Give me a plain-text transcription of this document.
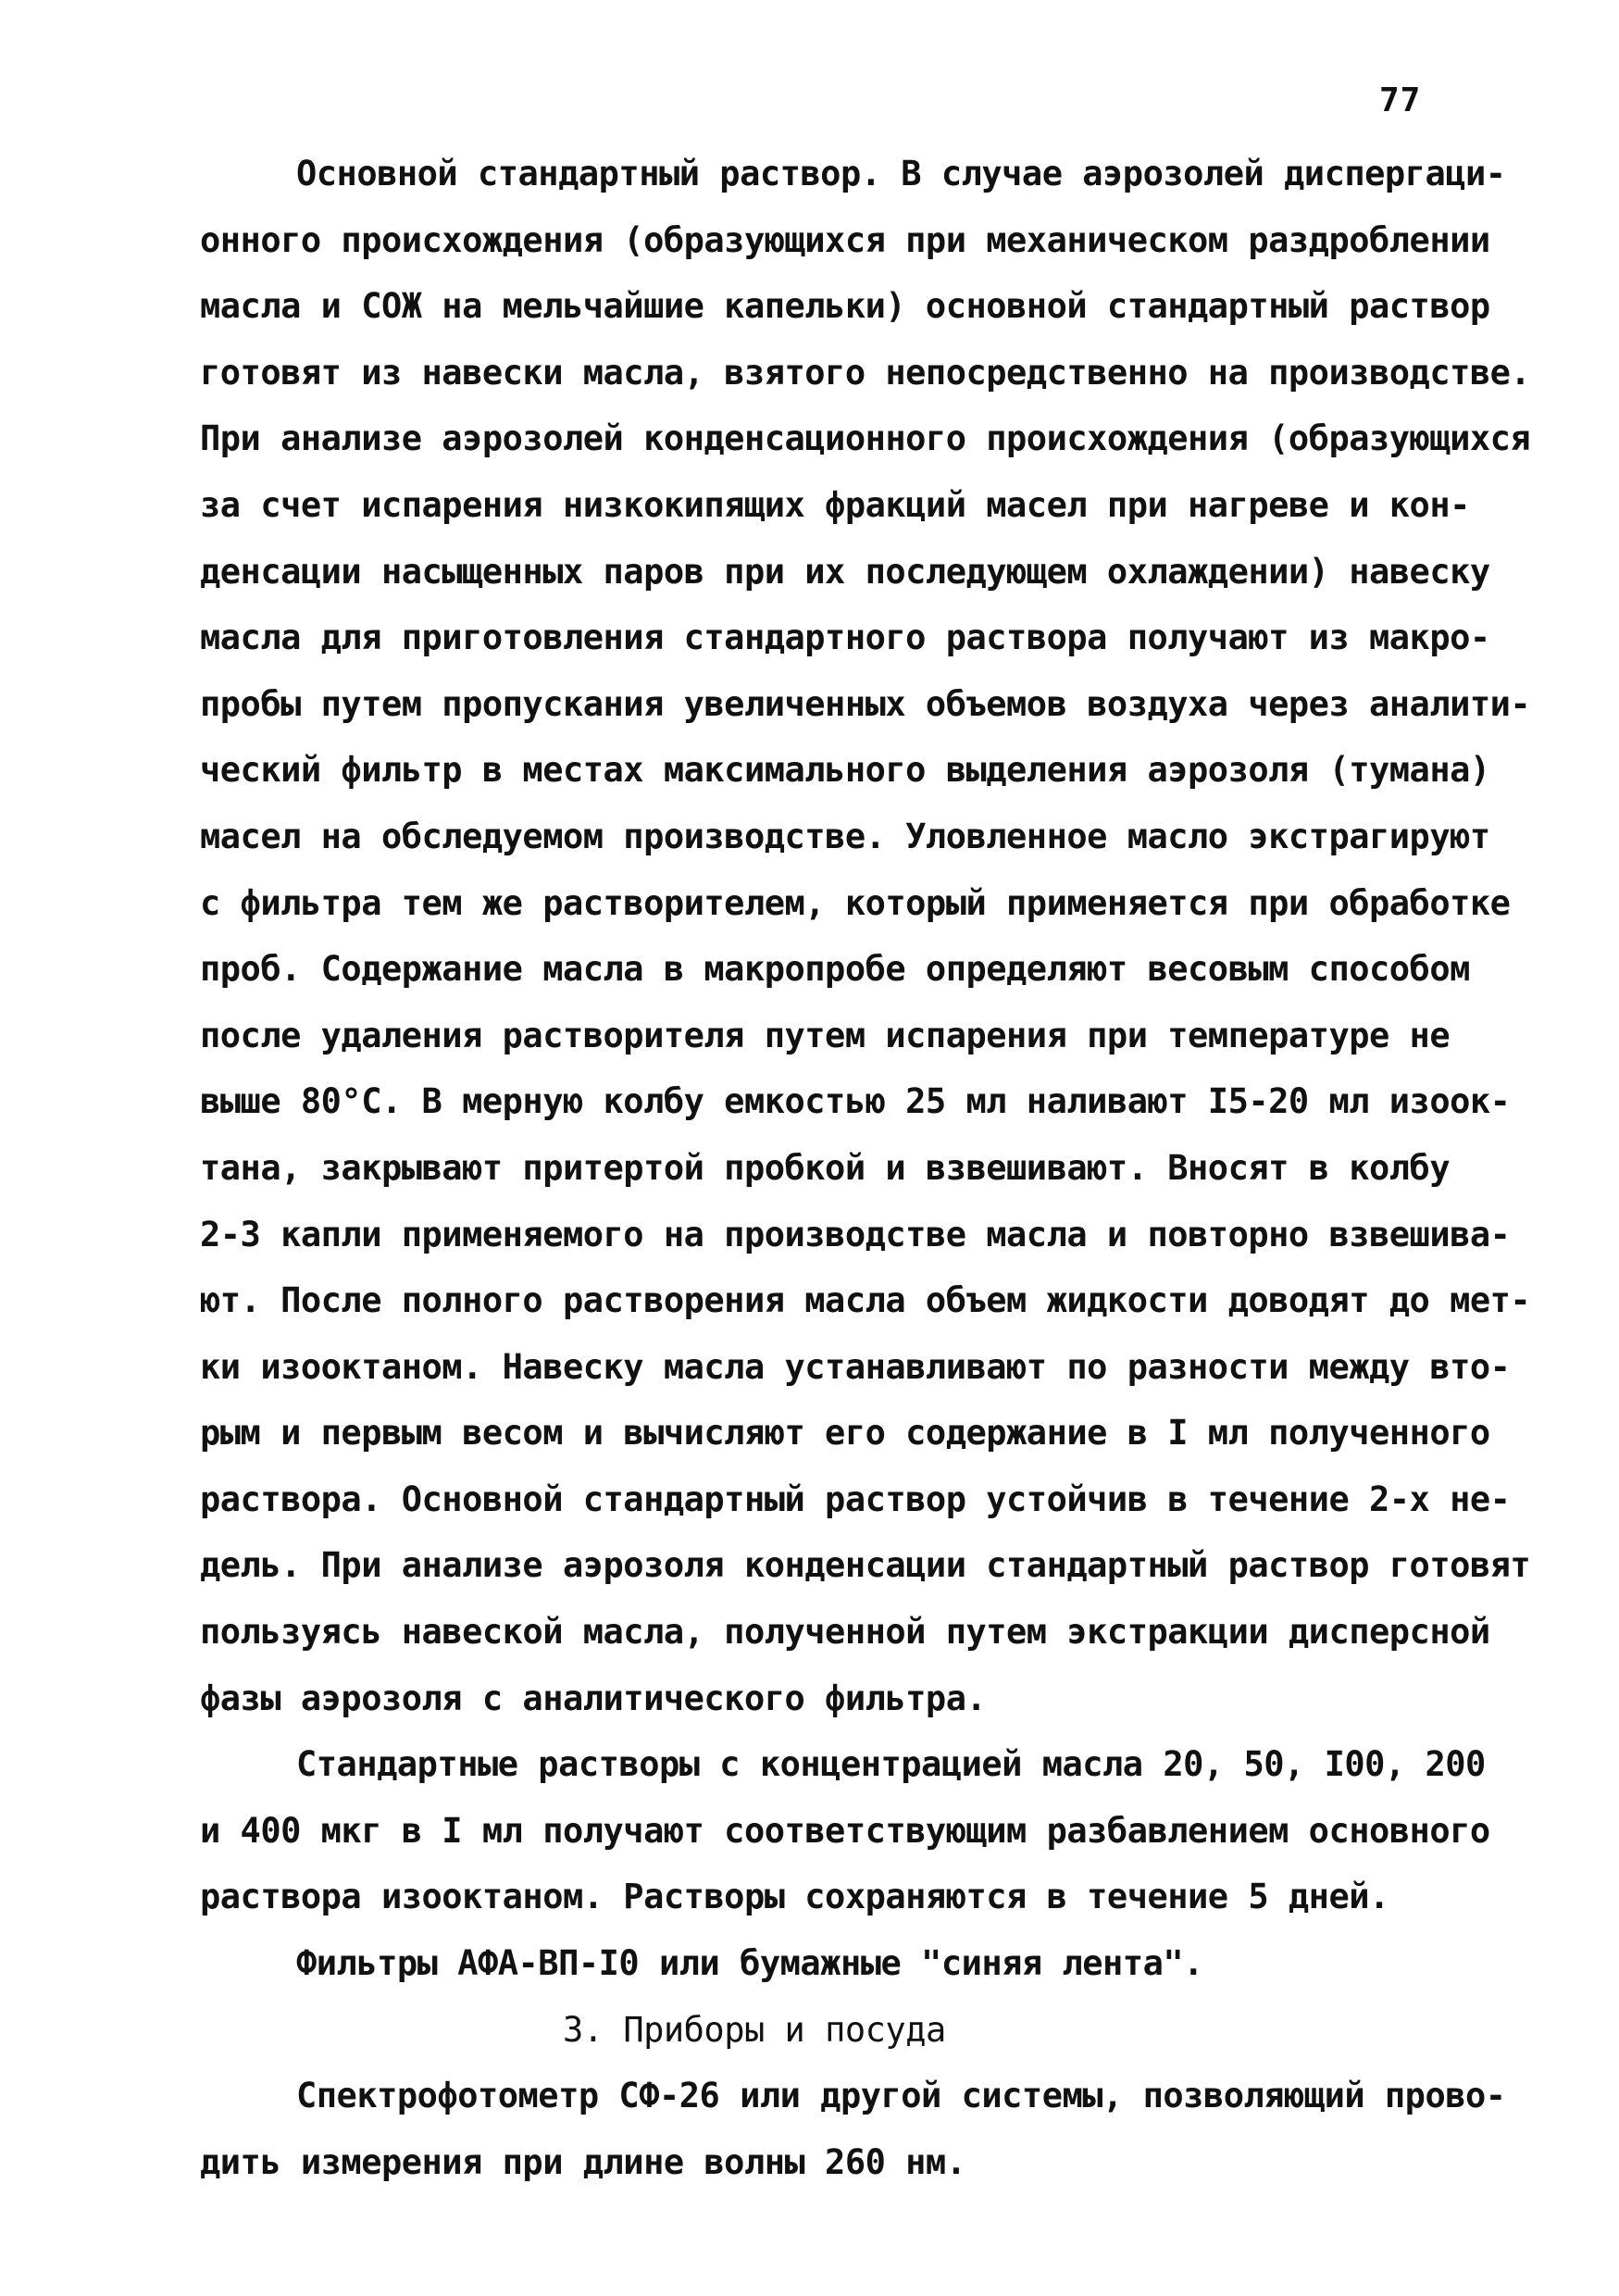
77
Основной стандартный раствор. В случае аэрозолей диспергаци-
онного происхождения (образующихся при механическом раздроблении
масла и СОЖ на мельчайшие капельки) основной стандартный раствор
готовят из навески масла, взятого непосредственно на производстве.
При анализе аэрозолей конденсационного происхождения (образующихся
за счет испарения низкокипящих фракций масел при нагреве и кон-
денсации насыщенных паров при их последующем охлаждении) навеску
масла для приготовления стандартного раствора получают из макро-
пробы путем пропускания увеличенных объемов воздуха через аналити-
ческий фильтр в местах максимального выделения аэрозоля (тумана)
масел на обследуемом производстве. Уловленное масло экстрагируют
с фильтра тем же растворителем, который применяется при обработке
проб. Содержание масла в макропробе определяют весовым способом
после удаления растворителя путем испарения при температуре не
выше 80°С. В мерную колбу емкостью 25 мл наливают I5-20 мл изоок-
тана, закрывают притертой пробкой и взвешивают. Вносят в колбу
2-3 капли применяемого на производстве масла и повторно взвешива-
ют. После полного растворения масла объем жидкости доводят до мет-
ки изооктаном. Навеску масла устанавливают по разности между вто-
рым и первым весом и вычисляют его содержание в I мл полученного
раствора. Основной стандартный раствор устойчив в течение 2-х не-
дель. При анализе аэрозоля конденсации стандартный раствор готовят
пользуясь навеской масла, полученной путем экстракции дисперсной
фазы аэрозоля с аналитического фильтра.
Стандартные растворы с концентрацией масла 20, 50, I00, 200
и 400 мкг в I мл получают соответствующим разбавлением основного
раствора изооктаном. Растворы сохраняются в течение 5 дней.
Фильтры АФА-ВП-I0 или бумажные "синяя лента".
3. Приборы и посуда
Спектрофотометр СФ-26 или другой системы, позволяющий прово-
дить измерения при длине волны 260 нм.
